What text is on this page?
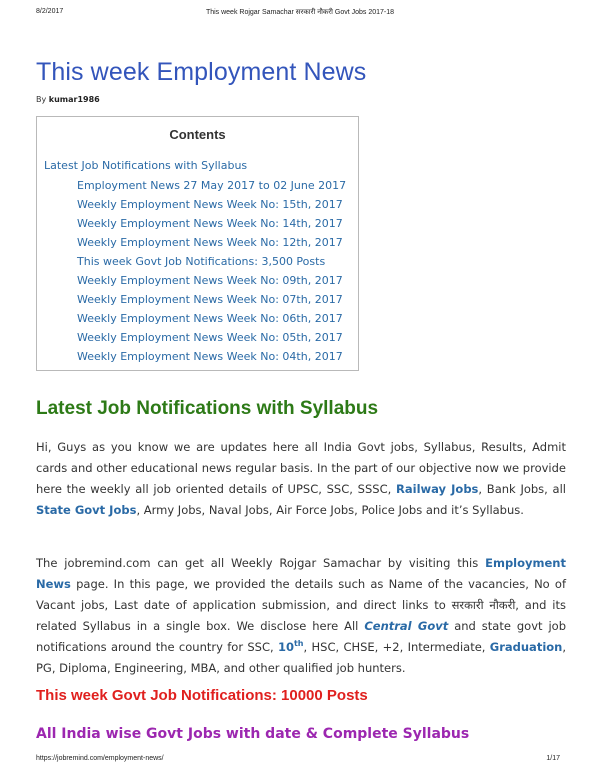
8/2/2017	This week Rojgar Samachar सरकारी नौकरी Govt Jobs 2017-18
This week Employment News
By kumar1986
Contents
Latest Job Notifications with Syllabus
Employment News 27 May 2017 to 02 June 2017
Weekly Employment News Week No: 15th, 2017
Weekly Employment News Week No: 14th, 2017
Weekly Employment News Week No: 12th, 2017
This week Govt Job Notifications: 3,500 Posts
Weekly Employment News Week No: 09th, 2017
Weekly Employment News Week No: 07th, 2017
Weekly Employment News Week No: 06th, 2017
Weekly Employment News Week No: 05th, 2017
Weekly Employment News Week No: 04th, 2017
Latest Job Notifications with Syllabus

Hi, Guys as you know we are updates here all India Govt jobs, Syllabus, Results, Admit cards and other educational news regular basis. In the part of our objective now we provide here the weekly all job oriented details of UPSC, SSC, SSSC, Railway Jobs, Bank Jobs, all State Govt Jobs, Army Jobs, Naval Jobs, Air Force Jobs, Police Jobs and it’s Syllabus.

The jobremind.com can get all Weekly Rojgar Samachar by visiting this Employment News page. In this page, we provided the details such as Name of the vacancies, No of Vacant jobs, Last date of application submission, and direct links to सरकारी नौकरी, and its related Syllabus in a single box. We disclose here All Central Govt and state govt job notifications around the country for SSC, 10th, HSC, CHSE, +2, Intermediate, Graduation, PG, Diploma, Engineering, MBA, and other qualified job hunters.

This week Govt Job Notifications: 10000 Posts
All India wise Govt Jobs with date & Complete Syllabus
https://jobremind.com/employment-news/	1/17
